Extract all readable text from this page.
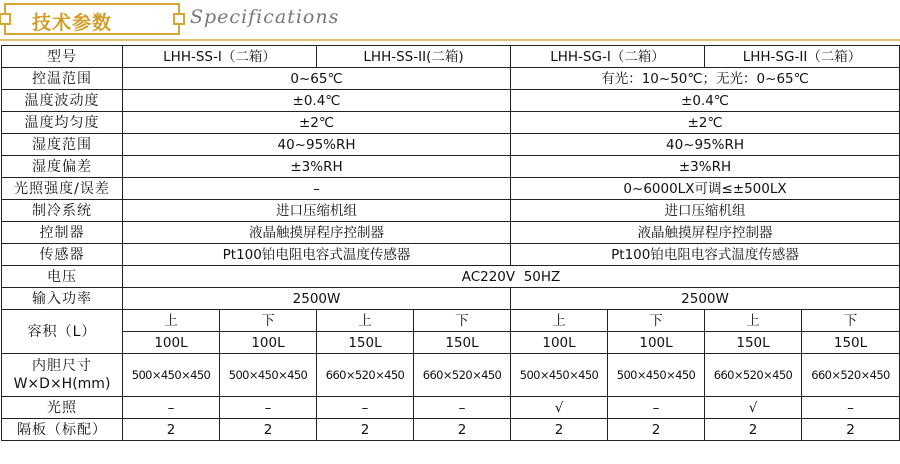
技术参数	Specifications
型号	LHH-SS-I（二箱）		LHH-SS-II(二箱)		LHH-SG-I（二箱）		LHH-SG-II（二箱）	
控温范围	0~65℃				有光：10~50℃；无光：0~65℃			
温度波动度	±0.4℃				±0.4℃			
温度均匀度	±2℃				±2℃			
湿度范围	40~95%RH				40~95%RH			
湿度偏差	±3%RH				±3%RH			
光照强度/误差	–				0~6000LX可调≤±500LX			
制冷系统	进口压缩机组				进口压缩机组			
控制器	液晶触摸屏程序控制器				液晶触摸屏程序控制器			
传感器	Pt100铂电阻电容式温度传感器				Pt100铂电阻电容式温度传感器			
电压	AC220V  50HZ							
输入功率	2500W				2500W			
容积（L）	上	下	上	下	上	下	上	下
	100L	100L	150L	150L	100L	100L	150L	150L

内胆尺寸
W×D×H(mm)	500×450×450	500×450×450	660×520×450	660×520×450	500×450×450	500×450×450	660×520×450	660×520×450
光照	–	–	–	–	√	–	√	–
隔板（标配）	2	2	2	2	2	2	2	2
